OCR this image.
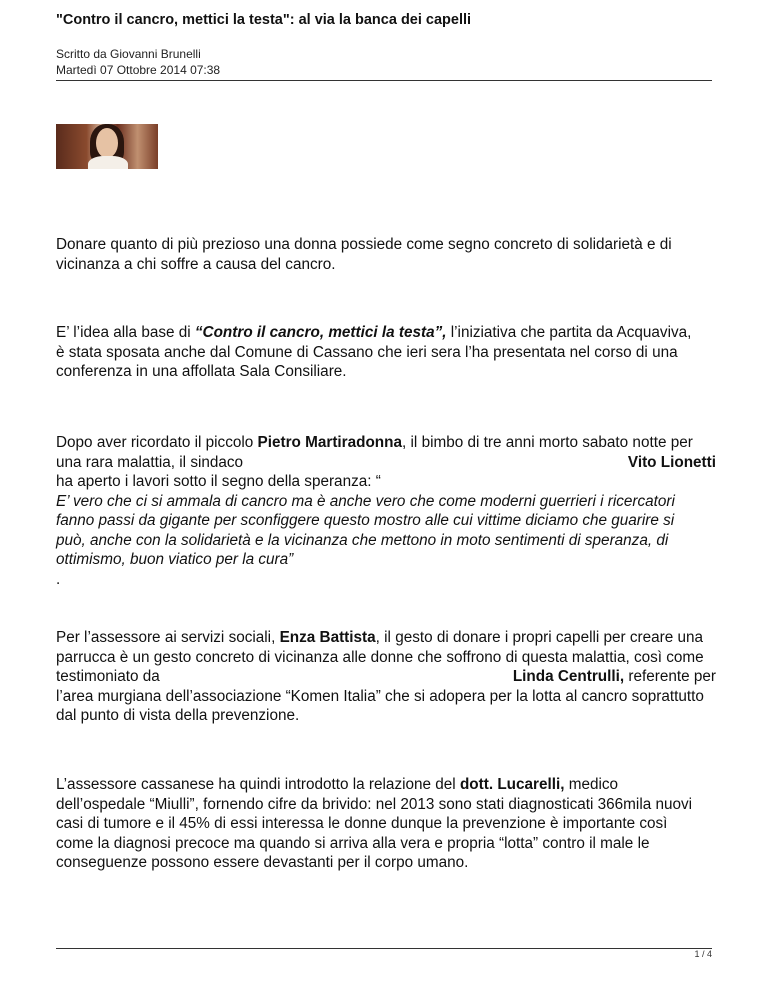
"Contro il cancro, mettici la testa": al via la banca dei capelli
Scritto da Giovanni Brunelli
Martedì 07 Ottobre 2014 07:38
Donare quanto di più prezioso una donna possiede come segno concreto di solidarietà e di
vicinanza a chi soffre a causa del cancro.
E’ l’idea alla base di “Contro il cancro, mettici la testa”, l’iniziativa che partita da Acquaviva,
è stata sposata anche dal Comune di Cassano che ieri sera l’ha presentata nel corso di una
conferenza in una affollata Sala Consiliare.
Dopo aver ricordato il piccolo Pietro Martiradonna, il bimbo di tre anni morto sabato notte per
una rara malattia, il sindaco	Vito Lionetti
ha aperto i lavori sotto il segno della speranza: “
E’ vero che ci si ammala di cancro ma è anche vero che come moderni guerrieri i ricercatori
fanno passi da gigante per sconfiggere questo mostro alle cui vittime diciamo che guarire si
può, anche con la solidarietà e la vicinanza che mettono in moto sentimenti di speranza, di
ottimismo, buon viatico per la cura”
.
Per l’assessore ai servizi sociali, Enza Battista, il gesto di donare i propri capelli per creare una
parrucca è un gesto concreto di vicinanza alle donne che soffrono di questa malattia, così come
testimoniato da	Linda Centrulli, referente per
l’area murgiana dell’associazione “Komen Italia” che si adopera per la lotta al cancro soprattutto
dal punto di vista della prevenzione.
L’assessore cassanese ha quindi introdotto la relazione del dott. Lucarelli, medico
dell’ospedale “Miulli”, fornendo cifre da brivido: nel 2013 sono stati diagnosticati 366mila nuovi
casi di tumore e il 45% di essi interessa le donne dunque la prevenzione è importante così
come la diagnosi precoce ma quando si arriva alla vera e propria “lotta” contro il male le
conseguenze possono essere devastanti per il corpo umano.
1 / 4
